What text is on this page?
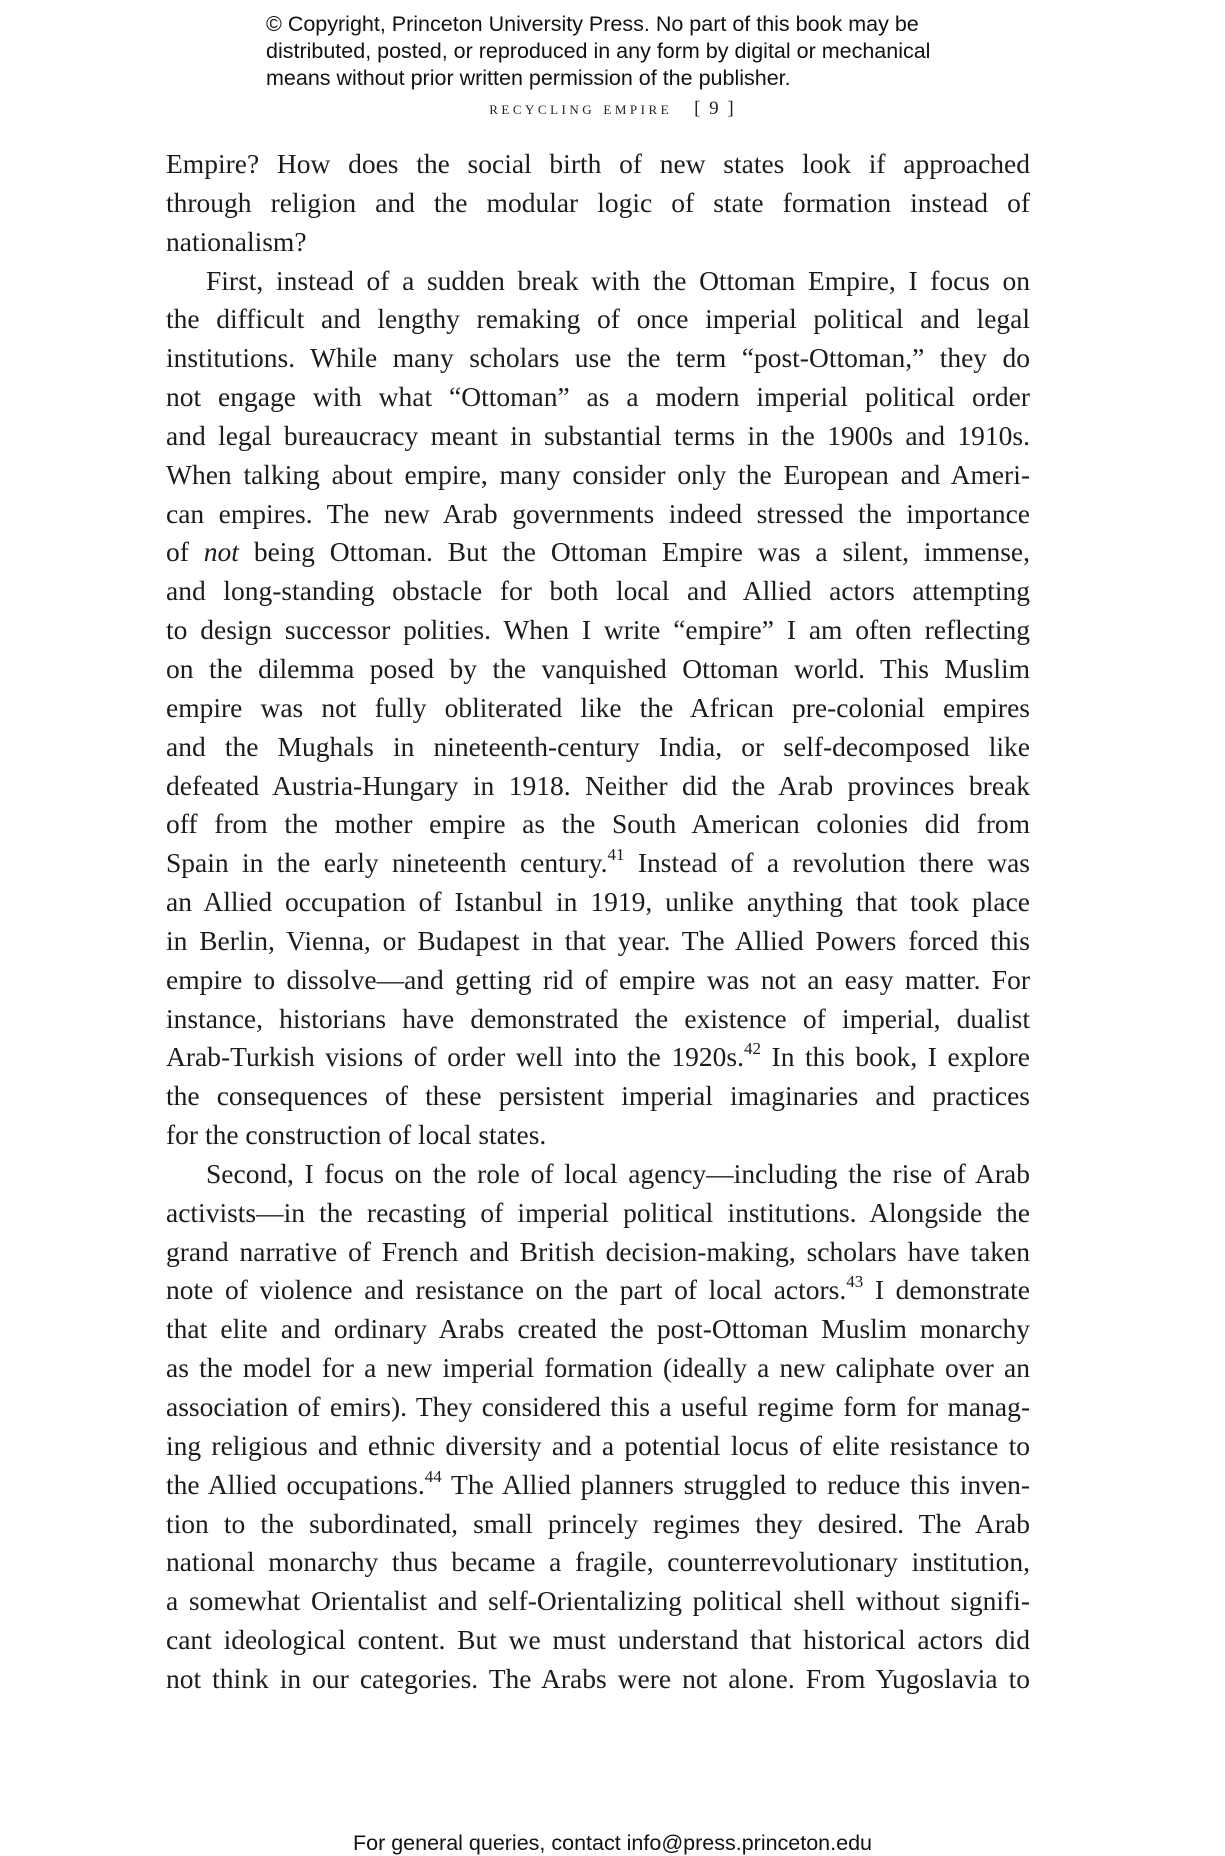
© Copyright, Princeton University Press. No part of this book may be
distributed, posted, or reproduced in any form by digital or mechanical
means without prior written permission of the publisher.
recycling empire [ 9 ]
Empire? How does the social birth of new states look if approached
through religion and the modular logic of state formation instead of
nationalism?
First, instead of a sudden break with the Ottoman Empire, I focus on
the difficult and lengthy remaking of once imperial political and legal
institutions. While many scholars use the term “post-Ottoman,” they do
not engage with what “Ottoman” as a modern imperial political order
and legal bureaucracy meant in substantial terms in the 1900s and 1910s.
When talking about empire, many consider only the European and Ameri-
can empires. The new Arab governments indeed stressed the importance
of not being Ottoman. But the Ottoman Empire was a silent, immense,
and long-standing obstacle for both local and Allied actors attempting
to design successor polities. When I write “empire” I am often reflecting
on the dilemma posed by the vanquished Ottoman world. This Muslim
empire was not fully obliterated like the African pre-colonial empires
and the Mughals in nineteenth-century India, or self-decomposed like
defeated Austria-Hungary in 1918. Neither did the Arab provinces break
off from the mother empire as the South American colonies did from
Spain in the early nineteenth century.$^{41}$ Instead of a revolution there was
an Allied occupation of Istanbul in 1919, unlike anything that took place
in Berlin, Vienna, or Budapest in that year. The Allied Powers forced this
empire to dissolve—and getting rid of empire was not an easy matter. For
instance, historians have demonstrated the existence of imperial, dualist
Arab-Turkish visions of order well into the 1920s.$^{42}$ In this book, I explore
the consequences of these persistent imperial imaginaries and practices
for the construction of local states.
Second, I focus on the role of local agency—including the rise of Arab
activists—in the recasting of imperial political institutions. Alongside the
grand narrative of French and British decision-making, scholars have taken
note of violence and resistance on the part of local actors.$^{43}$ I demonstrate
that elite and ordinary Arabs created the post-Ottoman Muslim monarchy
as the model for a new imperial formation (ideally a new caliphate over an
association of emirs). They considered this a useful regime form for manag-
ing religious and ethnic diversity and a potential locus of elite resistance to
the Allied occupations.$^{44}$ The Allied planners struggled to reduce this inven-
tion to the subordinated, small princely regimes they desired. The Arab
national monarchy thus became a fragile, counterrevolutionary institution,
a somewhat Orientalist and self-Orientalizing political shell without signifi-
cant ideological content. But we must understand that historical actors did
not think in our categories. The Arabs were not alone. From Yugoslavia to
For general queries, contact info@press.princeton.edu
